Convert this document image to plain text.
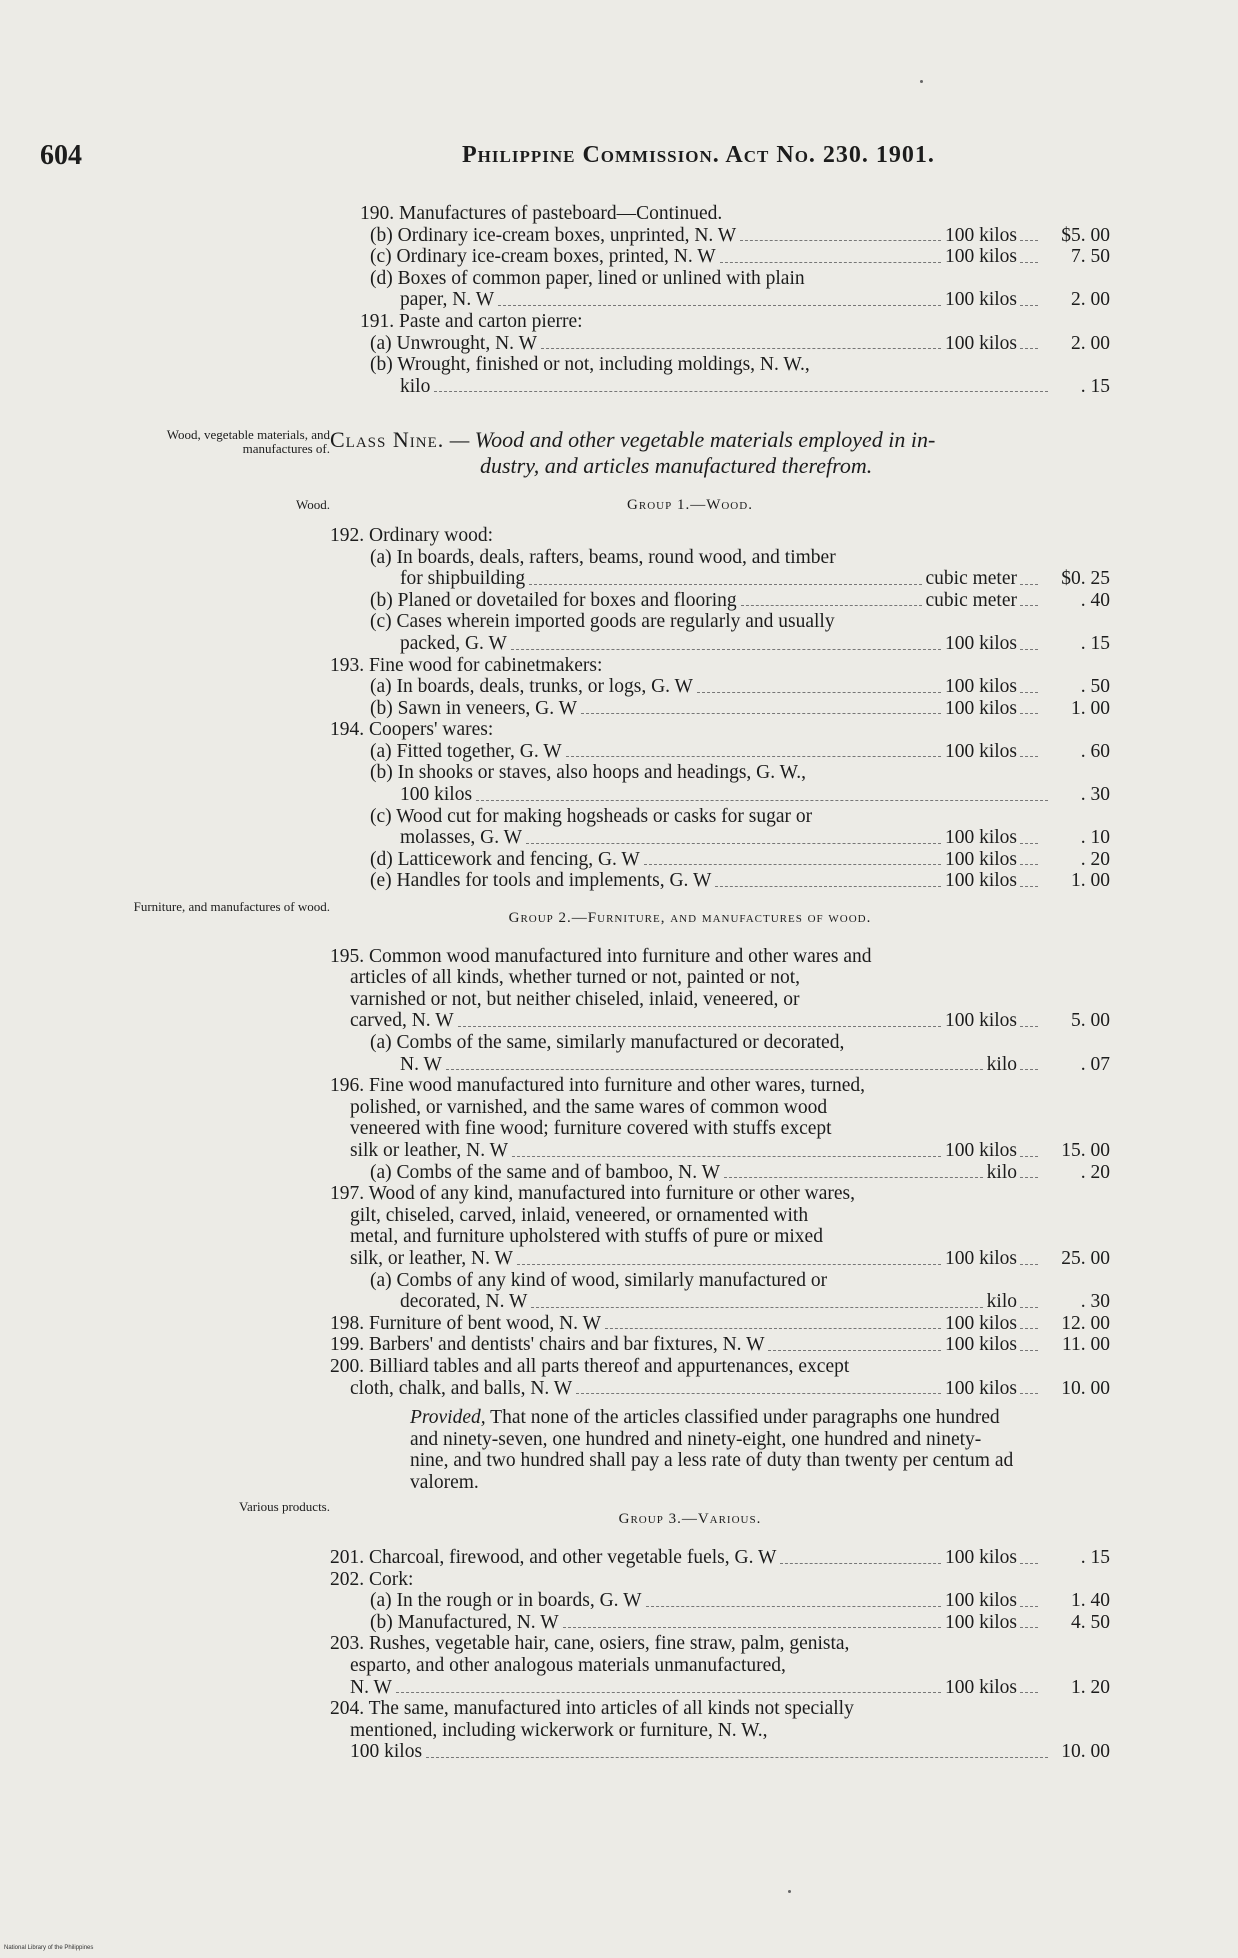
604	Philippine Commission. Act No. 230. 1901.
Wood, vegetable materials, and manufactures of.
Wood.
Furniture, and manufactures of wood.
Various products.
190. Manufactures of pasteboard—Continued.
(b) Ordinary ice-cream boxes, unprinted, N. W	100 kilos	$5. 00
(c) Ordinary ice-cream boxes, printed, N. W	100 kilos	7. 50
(d) Boxes of common paper, lined or unlined with plain
paper, N. W	100 kilos	2. 00
191. Paste and carton pierre:
(a) Unwrought, N. W	100 kilos	2. 00
(b) Wrought, finished or not, including moldings, N. W.,
kilo	. 15
Class Nine. — Wood and other vegetable materials employed in in-
dustry, and articles manufactured therefrom.
Group 1.—Wood.
192. Ordinary wood:
(a) In boards, deals, rafters, beams, round wood, and timber
for shipbuilding	cubic meter	$0. 25
(b) Planed or dovetailed for boxes and flooring	cubic meter	. 40
(c) Cases wherein imported goods are regularly and usually
packed, G. W	100 kilos	. 15
193. Fine wood for cabinetmakers:
(a) In boards, deals, trunks, or logs, G. W	100 kilos	. 50
(b) Sawn in veneers, G. W	100 kilos	1. 00
194. Coopers' wares:
(a) Fitted together, G. W	100 kilos	. 60
(b) In shooks or staves, also hoops and headings, G. W.,
100 kilos	. 30
(c) Wood cut for making hogsheads or casks for sugar or
molasses, G. W	100 kilos	. 10
(d) Latticework and fencing, G. W	100 kilos	. 20
(e) Handles for tools and implements, G. W	100 kilos	1. 00
Group 2.—Furniture, and manufactures of wood.
195. Common wood manufactured into furniture and other wares and
articles of all kinds, whether turned or not, painted or not,
varnished or not, but neither chiseled, inlaid, veneered, or
carved, N. W	100 kilos	5. 00
(a) Combs of the same, similarly manufactured or decorated,
N. W	kilo	. 07
196. Fine wood manufactured into furniture and other wares, turned,
polished, or varnished, and the same wares of common wood
veneered with fine wood; furniture covered with stuffs except
silk or leather, N. W	100 kilos	15. 00
(a) Combs of the same and of bamboo, N. W	kilo	. 20
197. Wood of any kind, manufactured into furniture or other wares,
gilt, chiseled, carved, inlaid, veneered, or ornamented with
metal, and furniture upholstered with stuffs of pure or mixed
silk, or leather, N. W	100 kilos	25. 00
(a) Combs of any kind of wood, similarly manufactured or
decorated, N. W	kilo	. 30
198. Furniture of bent wood, N. W	100 kilos	12. 00
199. Barbers' and dentists' chairs and bar fixtures, N. W	100 kilos	11. 00
200. Billiard tables and all parts thereof and appurtenances, except
cloth, chalk, and balls, N. W	100 kilos	10. 00
Provided, That none of the articles classified under paragraphs one hundred and ninety-seven, one hundred and ninety-eight, one hundred and ninety-nine, and two hundred shall pay a less rate of duty than twenty per centum ad valorem.
Group 3.—Various.
201. Charcoal, firewood, and other vegetable fuels, G. W	100 kilos	. 15
202. Cork:
(a) In the rough or in boards, G. W	100 kilos	1. 40
(b) Manufactured, N. W	100 kilos	4. 50
203. Rushes, vegetable hair, cane, osiers, fine straw, palm, genista,
esparto, and other analogous materials unmanufactured,
N. W	100 kilos	1. 20
204. The same, manufactured into articles of all kinds not specially
mentioned, including wickerwork or furniture, N. W.,
100 kilos	10. 00
National Library of the Philippines
